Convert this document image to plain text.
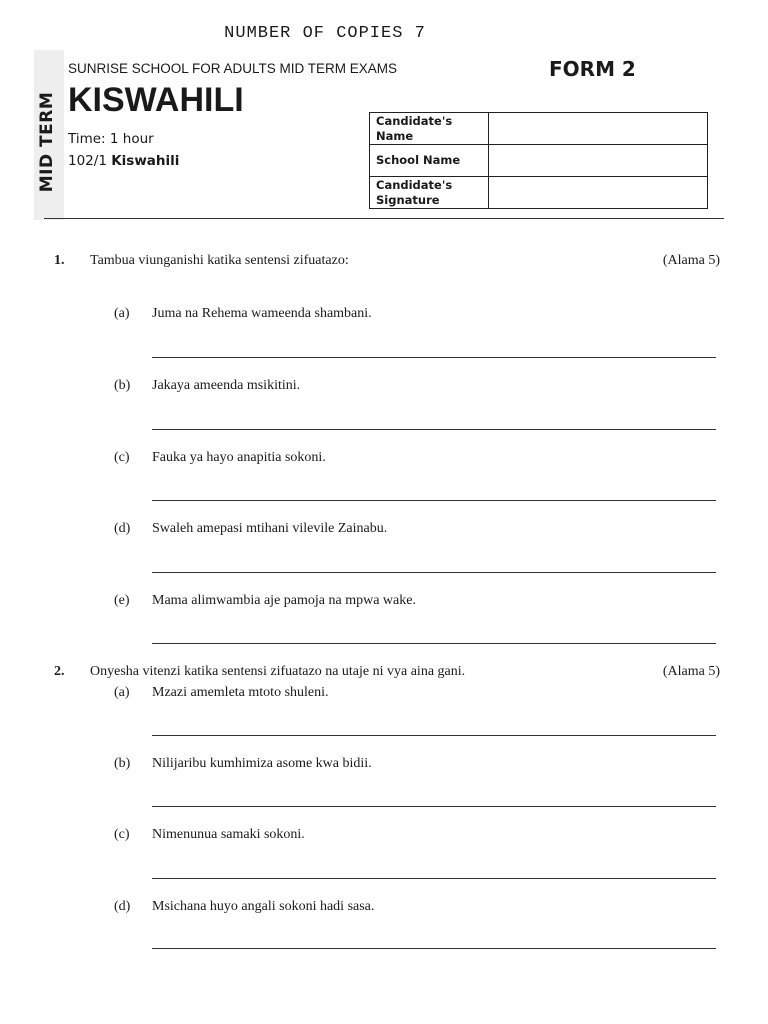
NUMBER OF COPIES 7
MID TERM
SUNRISE SCHOOL FOR ADULTS MID TERM EXAMS	FORM 2
KISWAHILI
Time: 1 hour
102/1 Kiswahili
Candidate's Name	
School Name	
Candidate's Signature	
1. Tambua viunganishi katika sentensi zifuatazo:	(Alama 5)
(a) Juma na Rehema wameenda shambani.
(b) Jakaya ameenda msikitini.
(c) Fauka ya hayo anapitia sokoni.
(d) Swaleh amepasi mtihani vilevile Zainabu.
(e) Mama alimwambia aje pamoja na mpwa wake.
2. Onyesha vitenzi katika sentensi zifuatazo na utaje ni vya aina gani.	(Alama 5)
(a) Mzazi amemleta mtoto shuleni.
(b) Nilijaribu kumhimiza asome kwa bidii.
(c) Nimenunua samaki sokoni.
(d) Msichana huyo angali sokoni hadi sasa.
